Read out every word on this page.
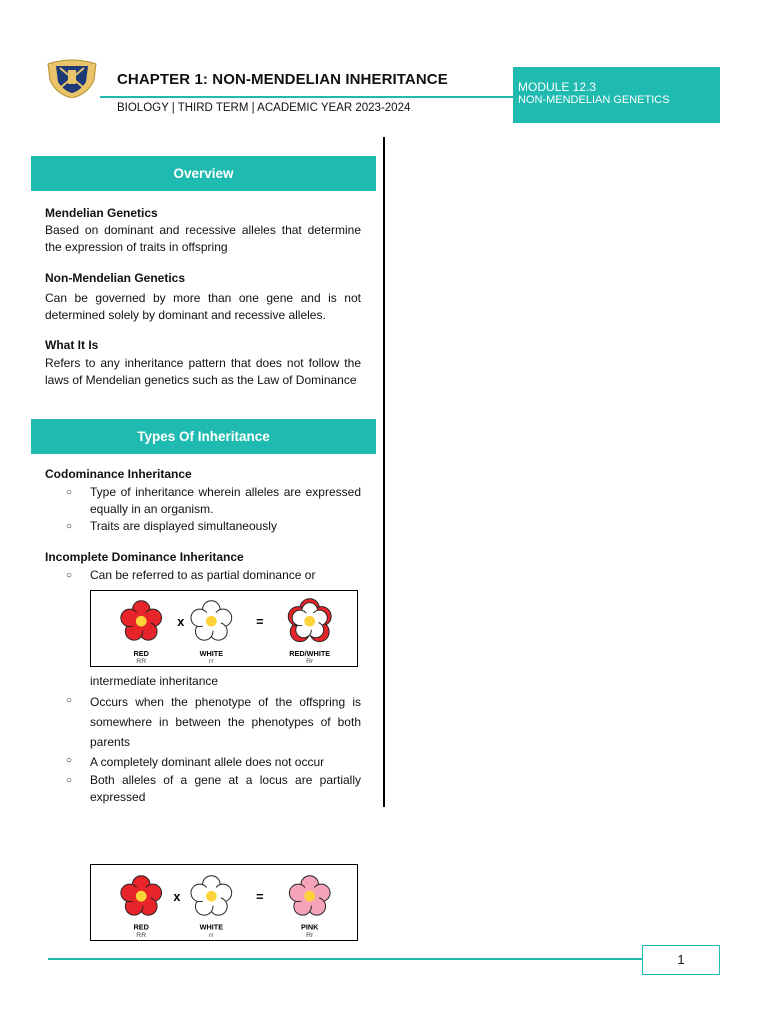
CHAPTER 1: NON-MENDELIAN INHERITANCE
BIOLOGY | THIRD TERM | ACADEMIC YEAR 2023-2024
MODULE 12.3
NON-MENDELIAN GENETICS
Overview
Mendelian Genetics
Based on dominant and recessive alleles that determine the expression of traits in offspring
Non-Mendelian Genetics
Can be governed by more than one gene and is not determined solely by dominant and recessive alleles.
What It Is
Refers to any inheritance pattern that does not follow the laws of Mendelian genetics such as the Law of Dominance
Types Of Inheritance
Codominance Inheritance
○	Type of inheritance wherein alleles are expressed equally in an organism.
○	Traits are displayed simultaneously
Incomplete Dominance Inheritance
○	Can be referred to as partial dominance or
x	=
RED
RR
WHITE
rr
RED/WHITE
Rr
intermediate inheritance
○	Occurs when the phenotype of the offspring is somewhere in between the phenotypes of both parents
○	A completely dominant allele does not occur
○	Both alleles of a gene at a locus are partially expressed
x	=
RED
RR
WHITE
rr
PINK
Rr
1
